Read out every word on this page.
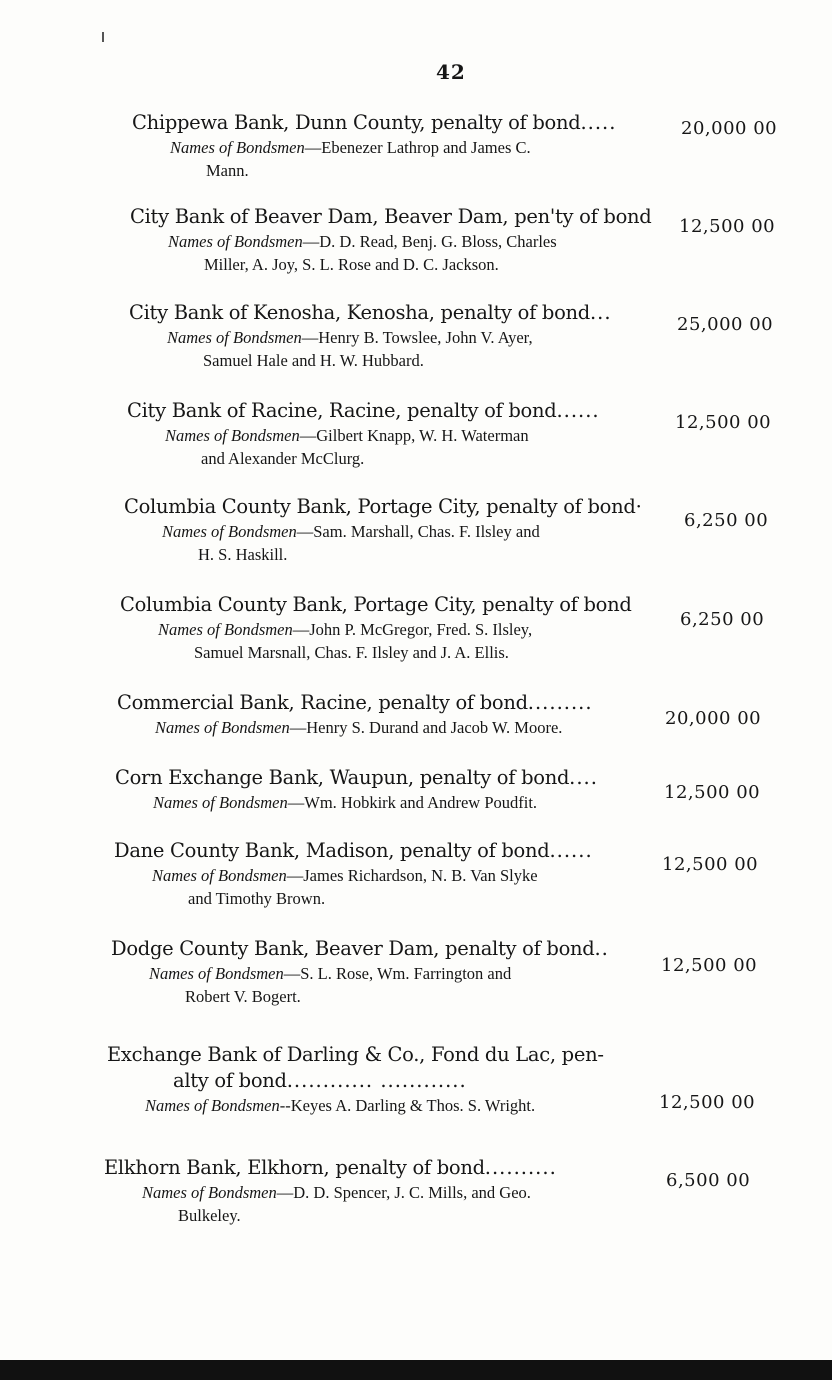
42
Chippewa Bank, Dunn County, penalty of bond.....
Names of Bondsmen—Ebenezer Lathrop and James C.
Mann.
20,000 00
City Bank of Beaver Dam, Beaver Dam, pen'ty of bond
Names of Bondsmen—D. D. Read, Benj. G. Bloss, Charles
Miller, A. Joy, S. L. Rose and D. C. Jackson.
12,500 00
City Bank of Kenosha, Kenosha, penalty of bond...
Names of Bondsmen—Henry B. Towslee, John V. Ayer,
Samuel Hale and H. W. Hubbard.
25,000 00
City Bank of Racine, Racine, penalty of bond......
Names of Bondsmen—Gilbert Knapp, W. H. Waterman
and Alexander McClurg.
12,500 00
Columbia County Bank, Portage City, penalty of bond·
Names of Bondsmen—Sam. Marshall, Chas. F. Ilsley and
H. S. Haskill.
6,250 00
Columbia County Bank, Portage City, penalty of bond
Names of Bondsmen—John P. McGregor, Fred. S. Ilsley,
Samuel Marsnall, Chas. F. Ilsley and J. A. Ellis.
6,250 00
Commercial Bank, Racine, penalty of bond.........
Names of Bondsmen—Henry S. Durand and Jacob W. Moore.	20,000 00
Corn Exchange Bank, Waupun, penalty of bond....
Names of Bondsmen—Wm. Hobkirk and Andrew Poudfit.	12,500 00
Dane County Bank, Madison, penalty of bond......
Names of Bondsmen—James Richardson, N. B. Van Slyke
and Timothy Brown.
12,500 00
Dodge County Bank, Beaver Dam, penalty of bond..
Names of Bondsmen—S. L. Rose, Wm. Farrington and
Robert V. Bogert.
12,500 00
Exchange Bank of Darling & Co., Fond du Lac, pen-
alty of bond............ ............
Names of Bondsmen--Keyes A. Darling & Thos. S. Wright.	12,500 00
Elkhorn Bank, Elkhorn, penalty of bond..........
Names of Bondsmen—D. D. Spencer, J. C. Mills, and Geo.
Bulkeley.
6,500 00
